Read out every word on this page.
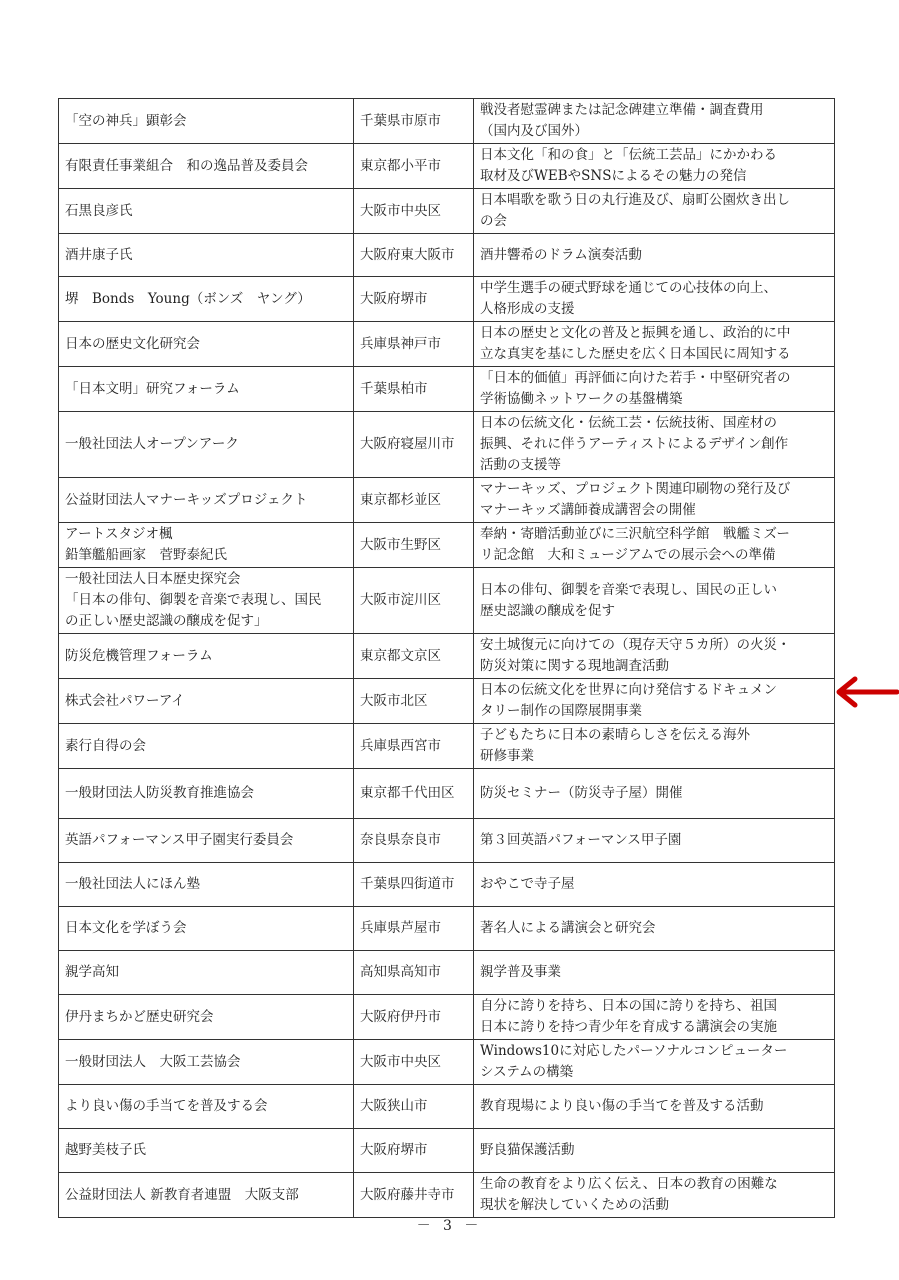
「空の神兵」顕彰会	千葉県市原市	戦没者慰霊碑または記念碑建立準備・調査費用
（国内及び国外）

有限責任事業組合　和の逸品普及委員会	東京都小平市	日本文化「和の食」と「伝統工芸品」にかかわる
取材及びWEBやSNSによるその魅力の発信

石黒良彦氏	大阪市中央区	日本唱歌を歌う日の丸行進及び、扇町公園炊き出し
の会

酒井康子氏	大阪府東大阪市	酒井響希のドラム演奏活動

堺　Bonds　Young（ボンズ　ヤング）	大阪府堺市	中学生選手の硬式野球を通じての心技体の向上、
人格形成の支援

日本の歴史文化研究会	兵庫県神戸市	日本の歴史と文化の普及と振興を通し、政治的に中
立な真実を基にした歴史を広く日本国民に周知する

「日本文明」研究フォーラム	千葉県柏市	「日本的価値」再評価に向けた若手・中堅研究者の
学術協働ネットワークの基盤構築

一般社団法人オープンアーク	大阪府寝屋川市	日本の伝統文化・伝統工芸・伝統技術、国産材の
振興、それに伴うアーティストによるデザイン創作
活動の支援等

公益財団法人マナーキッズプロジェクト	東京都杉並区	マナーキッズ、プロジェクト関連印刷物の発行及び
マナーキッズ講師養成講習会の開催

アートスタジオ楓
鉛筆艦船画家　菅野泰紀氏	大阪市生野区	奉納・寄贈活動並びに三沢航空科学館　戦艦ミズー
リ記念館　大和ミュージアムでの展示会への準備

一般社団法人日本歴史探究会
「日本の俳句、御製を音楽で表現し、国民
の正しい歴史認識の醸成を促す」	大阪市淀川区	日本の俳句、御製を音楽で表現し、国民の正しい
歴史認識の醸成を促す

防災危機管理フォーラム	東京都文京区	安土城復元に向けての（現存天守５カ所）の火災・
防災対策に関する現地調査活動

株式会社パワーアイ	大阪市北区	日本の伝統文化を世界に向け発信するドキュメン
タリー制作の国際展開事業

素行自得の会	兵庫県西宮市	子どもたちに日本の素晴らしさを伝える海外
研修事業

一般財団法人防災教育推進協会	東京都千代田区	防災セミナー（防災寺子屋）開催

英語パフォーマンス甲子園実行委員会	奈良県奈良市	第３回英語パフォーマンス甲子園

一般社団法人にほん塾	千葉県四街道市	おやこで寺子屋

日本文化を学ぼう会	兵庫県芦屋市	著名人による講演会と研究会

親学高知	高知県高知市	親学普及事業

伊丹まちかど歴史研究会	大阪府伊丹市	自分に誇りを持ち、日本の国に誇りを持ち、祖国
日本に誇りを持つ青少年を育成する講演会の実施

一般財団法人　大阪工芸協会	大阪市中央区	Windows10に対応したパーソナルコンピューター
システムの構築

より良い傷の手当てを普及する会	大阪狭山市	教育現場により良い傷の手当てを普及する活動

越野美枝子氏	大阪府堺市	野良猫保護活動

公益財団法人 新教育者連盟　大阪支部	大阪府藤井寺市	生命の教育をより広く伝え、日本の教育の困難な
現状を解決していくための活動
－ 3 －
